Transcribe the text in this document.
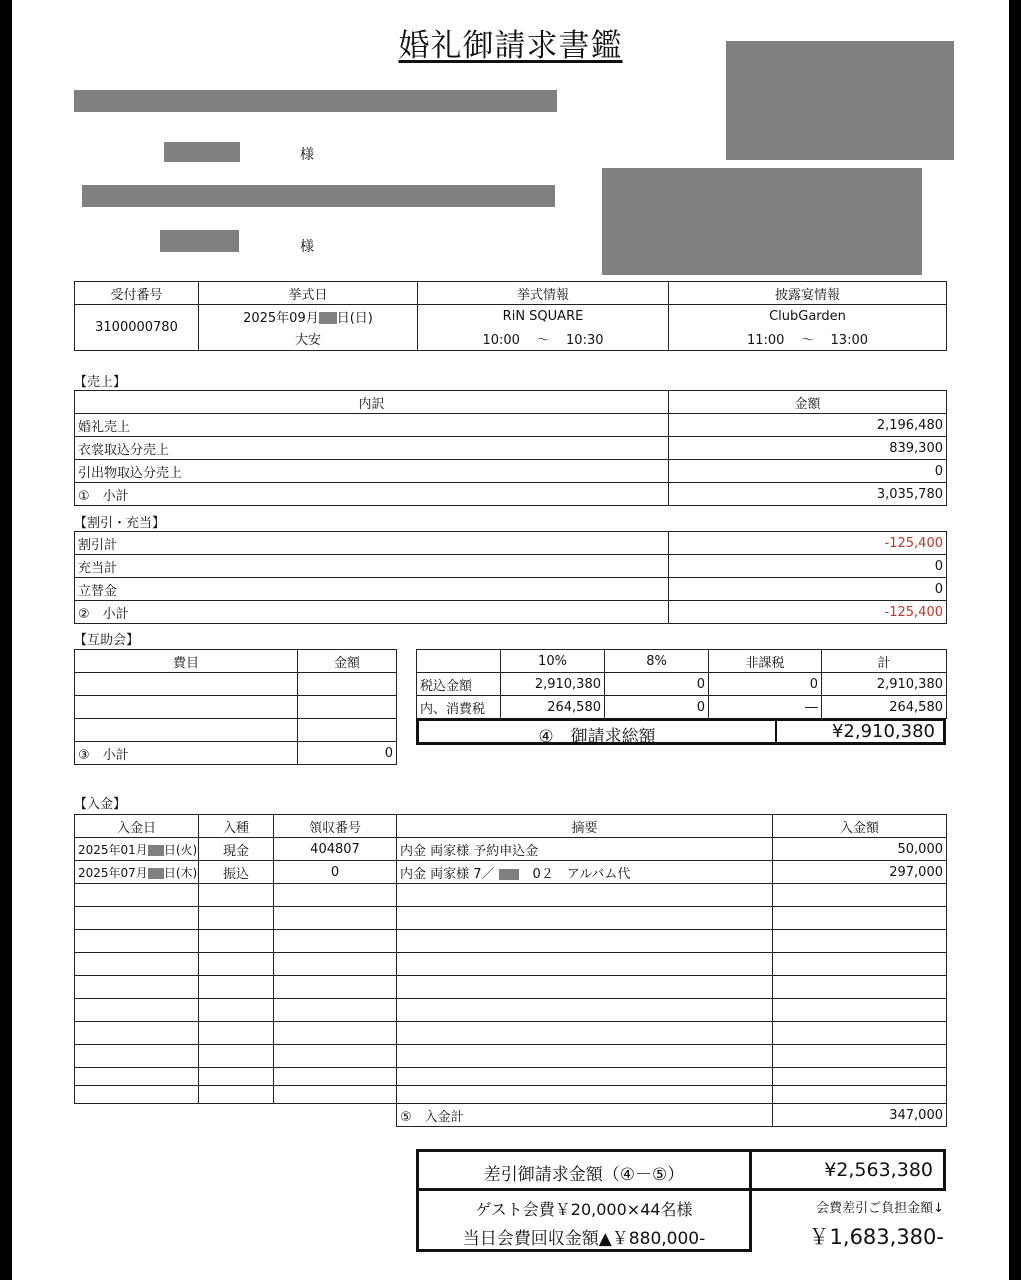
婚礼御請求書鑑
様
様
受付番号	挙式日	挙式情報	披露宴情報
3100000780	2025年09月 日(日)	RiN SQUARE	ClubGarden
	大安	10:00 ～ 10:30	11:00 ～ 13:00
【売上】
内訳	金額
婚礼売上	2,196,480
衣裳取込分売上	839,300
引出物取込分売上	0
①　小計	3,035,780
【割引・充当】
割引計	-125,400
充当計	0
立替金	0
②　小計	-125,400
【互助会】
費目	金額

③　小計	0
	10%	8%	非課税	計
税込金額	2,910,380	0	0	2,910,380
内、消費税	264,580	0	―	264,580
④　御請求総額	¥2,910,380
【入金】
入金日	入種	領収番号	摘要	入金額
2025年01月 日(火)	現金	404807	内金 両家様 予約申込金	50,000
2025年07月 日(木)	振込	0	内金 両家様 7／ 0２　アルバム代	297,000

			⑤　入金計	347,000
差引御請求金額（④－⑤）	¥2,563,380
ゲスト会費￥20,000×44名様
当日会費回収金額▲￥880,000-
会費差引ご負担金額↓
￥1,683,380-
